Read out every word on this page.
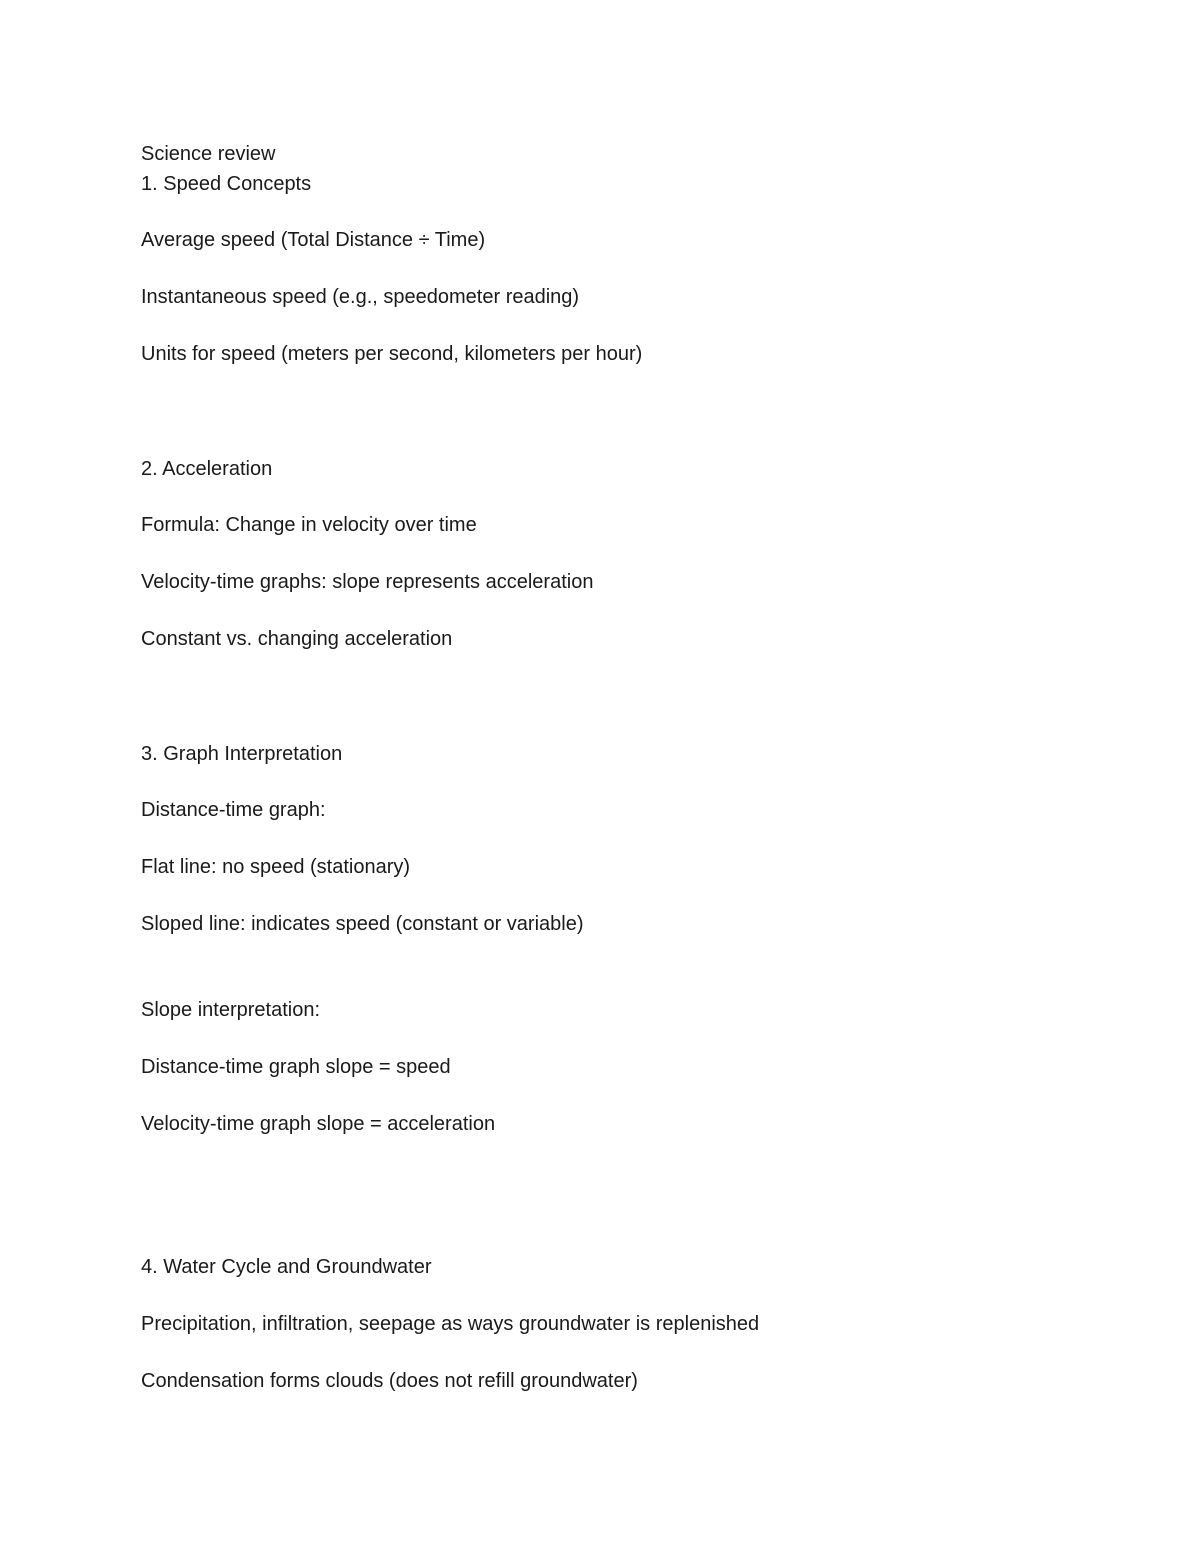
Science review
1. Speed Concepts
Average speed (Total Distance ÷ Time)
Instantaneous speed (e.g., speedometer reading)
Units for speed (meters per second, kilometers per hour)
2. Acceleration
Formula: Change in velocity over time
Velocity-time graphs: slope represents acceleration
Constant vs. changing acceleration
3. Graph Interpretation
Distance-time graph:
Flat line: no speed (stationary)
Sloped line: indicates speed (constant or variable)
Slope interpretation:
Distance-time graph slope = speed
Velocity-time graph slope = acceleration
4. Water Cycle and Groundwater
Precipitation, infiltration, seepage as ways groundwater is replenished
Condensation forms clouds (does not refill groundwater)
